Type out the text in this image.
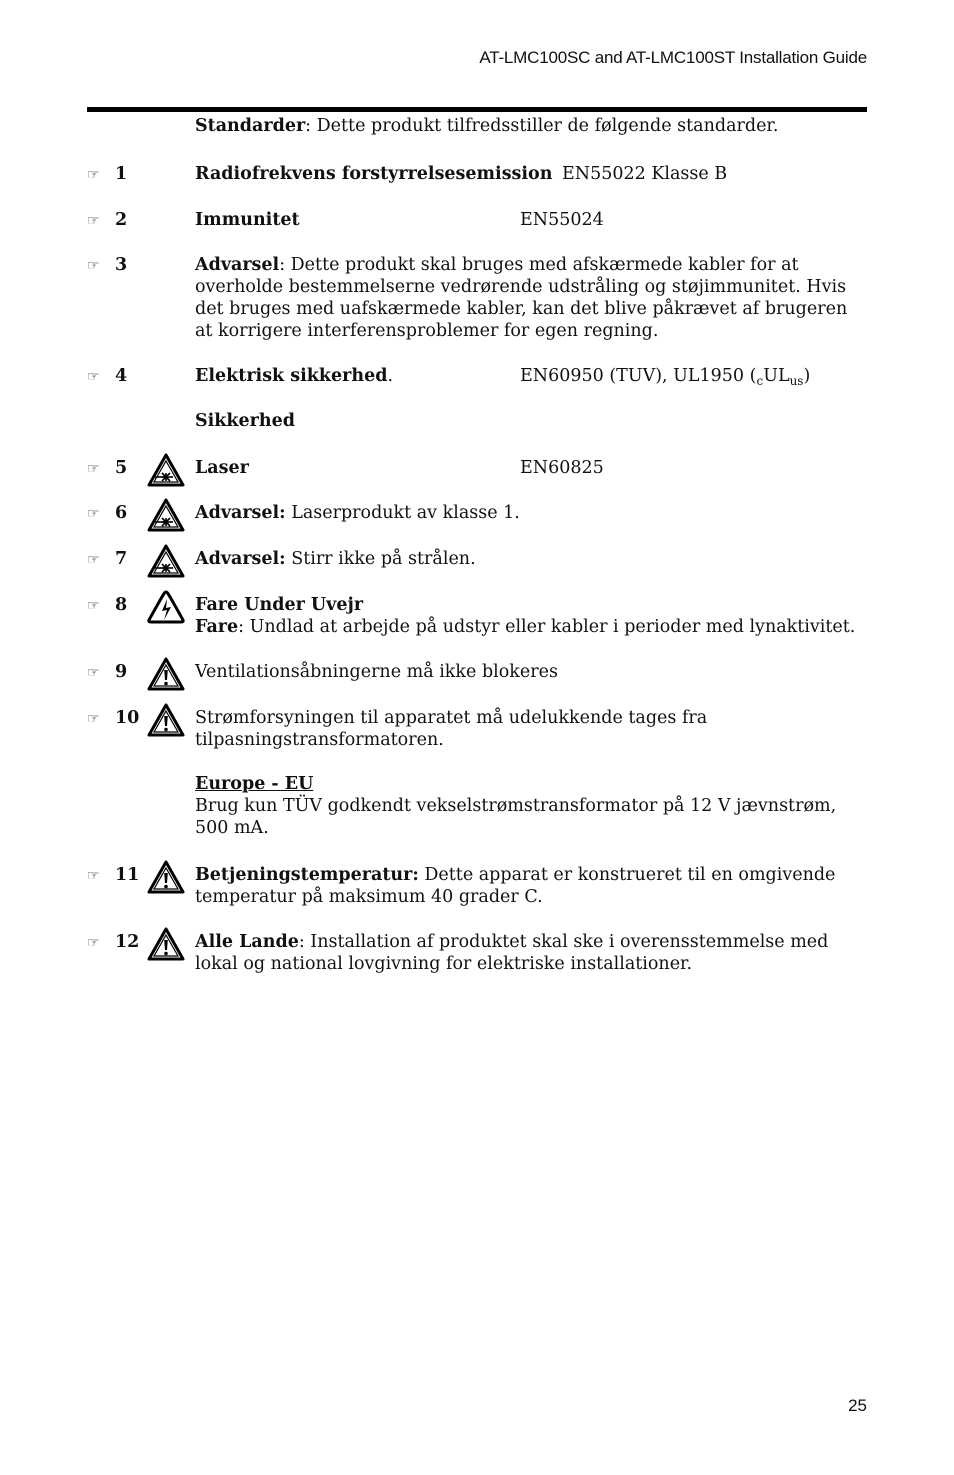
AT-LMC100SC and AT-LMC100ST Installation Guide
Standarder: Dette produkt tilfredsstiller de følgende standarder.
☞ 1	Radiofrekvens forstyrrelsesemission EN55022 Klasse B
☞ 2	Immunitet	EN55024
☞ 3	Advarsel: Dette produkt skal bruges med afskærmede kabler for at overholde bestemmelserne vedrørende udstråling og støjimmunitet. Hvis det bruges med uafskærmede kabler, kan det blive påkrævet af brugeren at korrigere interferensproblemer for egen regning.
☞ 4	Elektrisk sikkerhed.	EN60950 (TUV), UL1950 $(_cUL_{us})$
Sikkerhed
☞ 5	Laser	EN60825
☞ 6	Advarsel: Laserprodukt av klasse 1.
☞ 7	Advarsel: Stirr ikke på strålen.
☞ 8	Fare Under Uvejr
Fare: Undlad at arbejde på udstyr eller kabler i perioder med lynaktivitet.
☞ 9	Ventilationsåbningerne må ikke blokeres
☞ 10	Strømforsyningen til apparatet må udelukkende tages fra tilpasningstransformatoren.
Europe - EU
Brug kun TÜV godkendt vekselstrømstransformator på 12 V jævnstrøm, 500 mA.
☞ 11	Betjeningstemperatur: Dette apparat er konstrueret til en omgivende temperatur på maksimum 40 grader C.
☞ 12	Alle Lande: Installation af produktet skal ske i overensstemmelse med lokal og national lovgivning for elektriske installationer.
25
